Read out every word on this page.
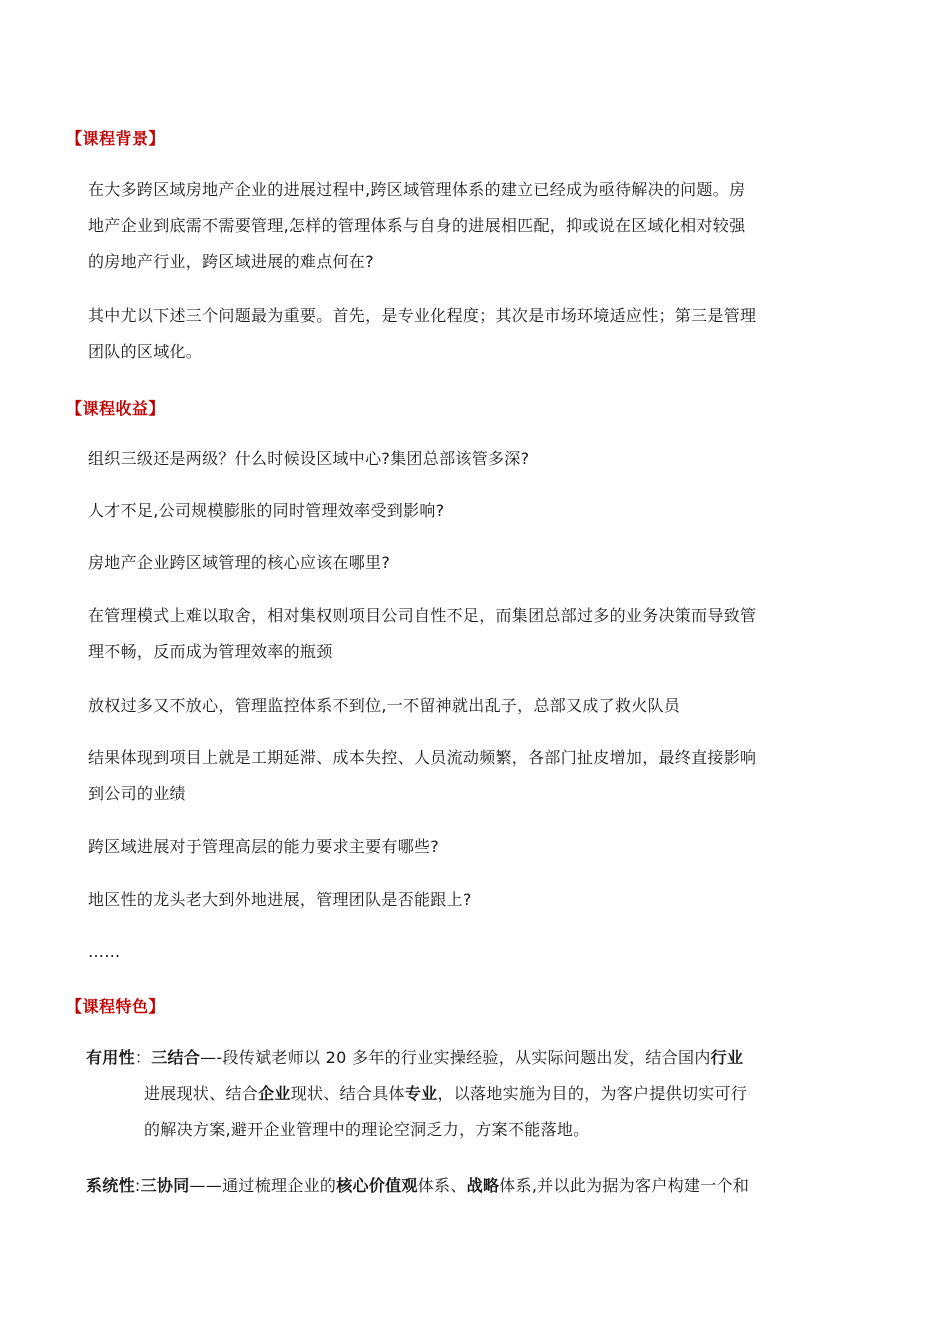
【课程背景】
在大多跨区域房地产企业的进展过程中,跨区域管理体系的建立已经成为亟待解决的问题。房
地产企业到底需不需要管理,怎样的管理体系与自身的进展相匹配，抑或说在区域化相对较强
的房地产行业，跨区域进展的难点何在?
其中尤以下述三个问题最为重要。首先，是专业化程度；其次是市场环境适应性；第三是管理
团队的区域化。
【课程收益】
组织三级还是两级？什么时候设区域中心?集团总部该管多深?
人才不足,公司规模膨胀的同时管理效率受到影响?
房地产企业跨区域管理的核心应该在哪里?
在管理模式上难以取舍，相对集权则项目公司自性不足，而集团总部过多的业务决策而导致管
理不畅，反而成为管理效率的瓶颈
放权过多又不放心，管理监控体系不到位,一不留神就出乱子，总部又成了救火队员
结果体现到项目上就是工期延滞、成本失控、人员流动频繁，各部门扯皮增加，最终直接影响
到公司的业绩
跨区域进展对于管理高层的能力要求主要有哪些?
地区性的龙头老大到外地进展，管理团队是否能跟上?
……
【课程特色】
有用性：三结合—-段传斌老师以 20 多年的行业实操经验，从实际问题出发，结合国内行业
进展现状、结合企业现状、结合具体专业，以落地实施为目的，为客户提供切实可行
的解决方案,避开企业管理中的理论空洞乏力，方案不能落地。
系统性:三协同——通过梳理企业的核心价值观体系、战略体系,并以此为据为客户构建一个和
